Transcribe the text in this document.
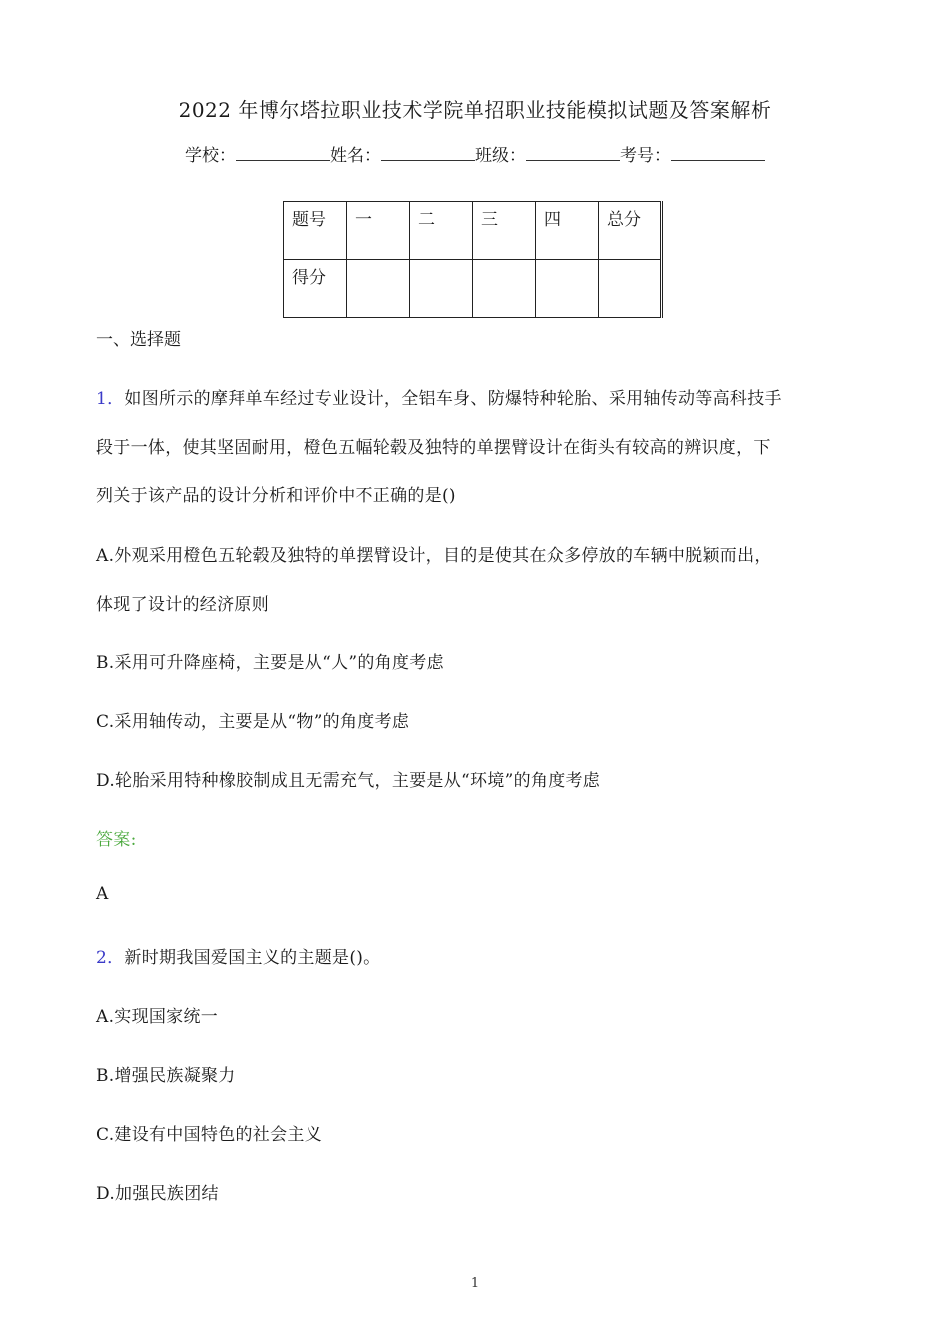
2022 年博尔塔拉职业技术学院单招职业技能模拟试题及答案解析
学校：	姓名：	班级：	考号：
题号	一	二	三	四	总分
得分					
一、选择题
1．如图所示的摩拜单车经过专业设计，全铝车身、防爆特种轮胎、采用轴传动等高科技手
段于一体，使其坚固耐用，橙色五幅轮毂及独特的单摆臂设计在街头有较高的辨识度，下
列关于该产品的设计分析和评价中不正确的是()
A.外观采用橙色五轮毂及独特的单摆臂设计，目的是使其在众多停放的车辆中脱颖而出，
体现了设计的经济原则
B.采用可升降座椅，主要是从“人”的角度考虑
C.采用轴传动，主要是从“物”的角度考虑
D.轮胎采用特种橡胶制成且无需充气，主要是从“环境”的角度考虑
答案:
A
2．新时期我国爱国主义的主题是()。
A.实现国家统一
B.增强民族凝聚力
C.建设有中国特色的社会主义
D.加强民族团结
1
